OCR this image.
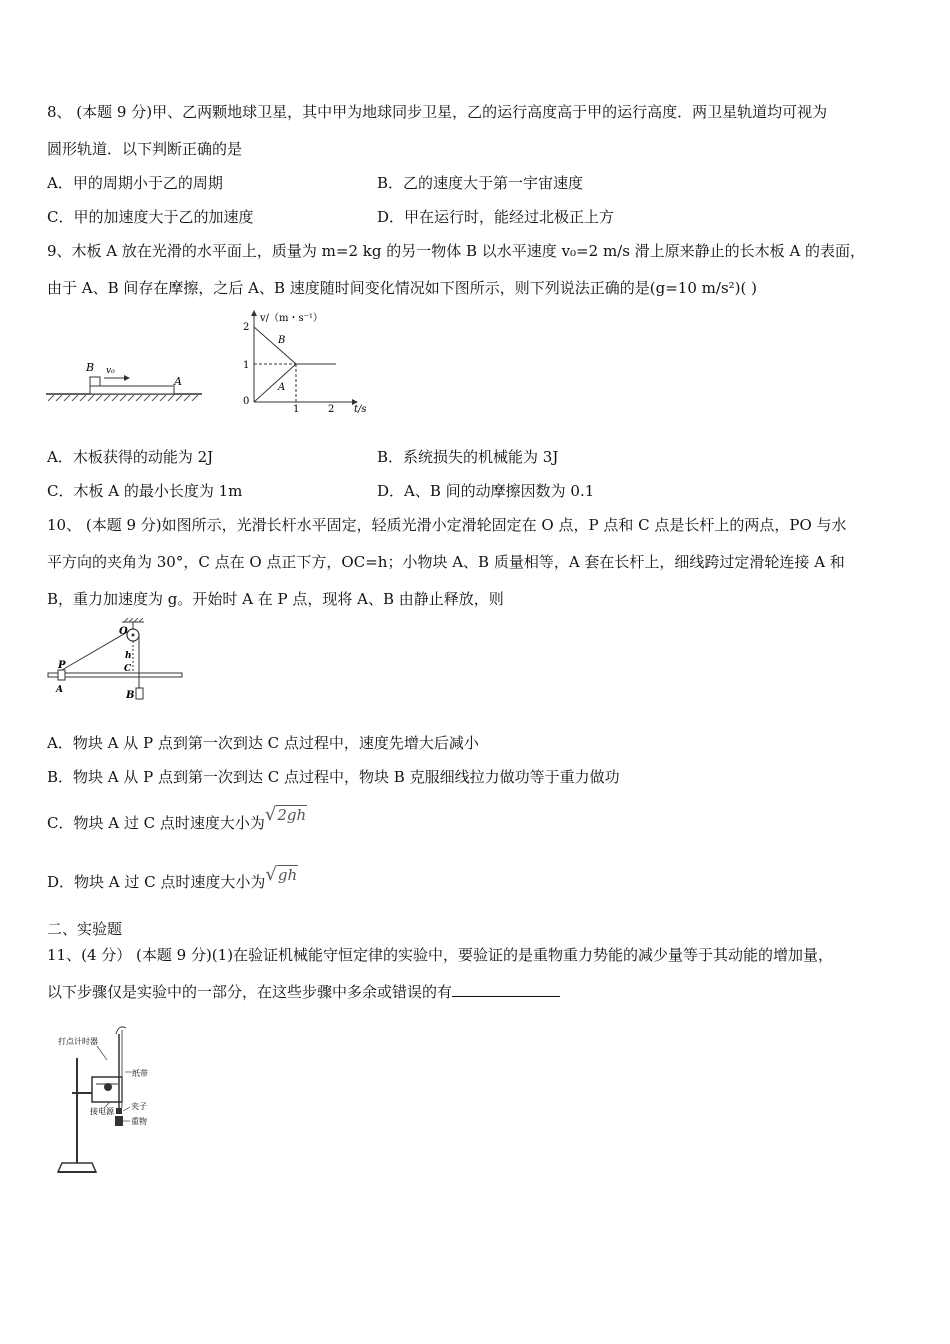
8、 (本题 9 分)甲、乙两颗地球卫星，其中甲为地球同步卫星，乙的运行高度高于甲的运行高度．两卫星轨道均可视为
圆形轨道．以下判断正确的是
A．甲的周期小于乙的周期	B．乙的速度大于第一宇宙速度
C．甲的加速度大于乙的加速度	D．甲在运行时，能经过北极正上方
9、木板 A 放在光滑的水平面上，质量为 m=2 kg 的另一物体 B 以水平速度 v₀=2 m/s 滑上原来静止的长木板 A 的表面，
由于 A、B 间存在摩擦，之后 A、B 速度随时间变化情况如下图所示，则下列说法正确的是(g=10 m/s²)( )
B v₀
A
v/（m・s⁻¹）
t/s
2
1
0
1	2
B
A
A．木板获得的动能为 2J	B．系统损失的机械能为 3J
C．木板 A 的最小长度为 1m	D．A、B 间的动摩擦因数为 0.1
10、 (本题 9 分)如图所示，光滑长杆水平固定，轻质光滑小定滑轮固定在 O 点，P 点和 C 点是长杆上的两点，PO 与水
平方向的夹角为 30°，C 点在 O 点正下方，OC=h；小物块 A、B 质量相等，A 套在长杆上，细线跨过定滑轮连接 A 和
B，重力加速度为 g。开始时 A 在 P 点，现将 A、B 由静止释放，则
O
P
h
C
A	B
A．物块 A 从 P 点到第一次到达 C 点过程中，速度先增大后减小
B．物块 A 从 P 点到第一次到达 C 点过程中，物块 B 克服细线拉力做功等于重力做功
C．物块 A 过 C 点时速度大小为√2gh
D．物块 A 过 C 点时速度大小为√gh
二、实验题
11、(4 分） (本题 9 分)(1)在验证机械能守恒定律的实验中，要验证的是重物重力势能的减少量等于其动能的增加量，
以下步骤仅是实验中的一部分，在这些步骤中多余或错误的有
打点计时器
纸带
接电源
夹子
重物
